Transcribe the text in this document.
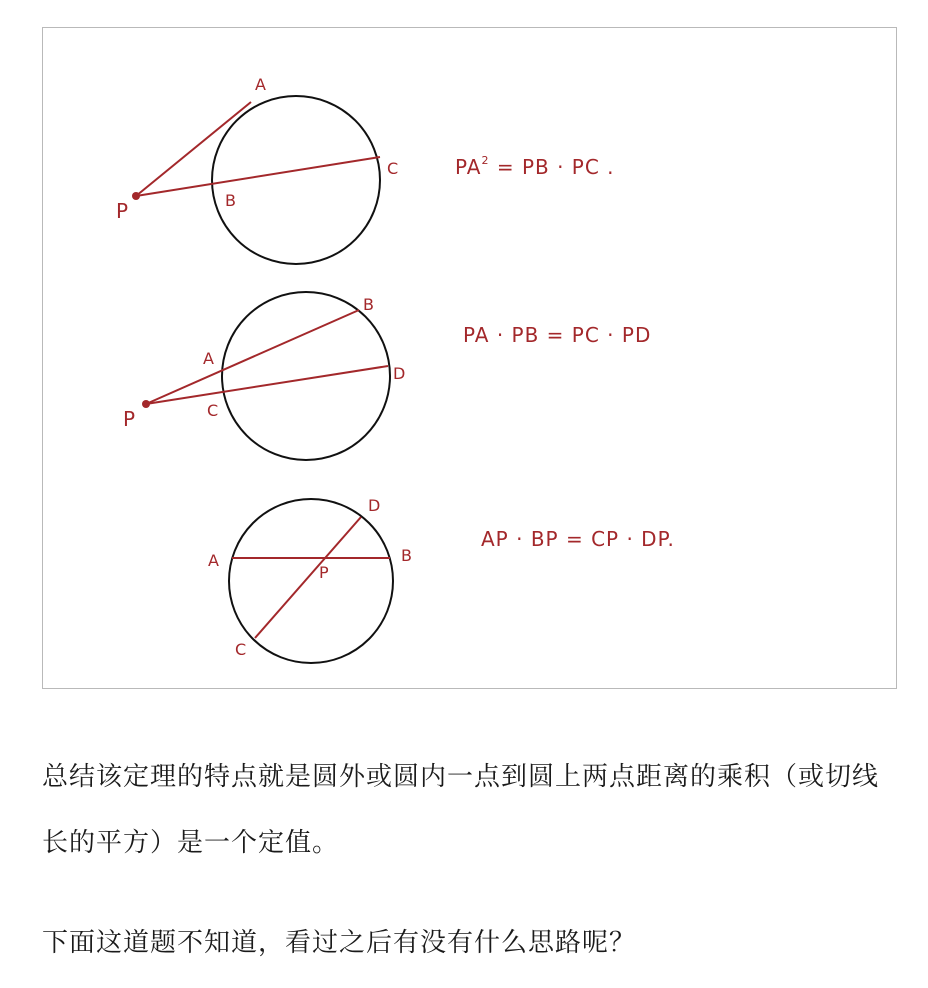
A
B
C
P
$PA^2$ = PB · PC .
A
B
C
D
P
PA · PB = PC · PD
A	B
C
D
P
AP · BP = CP · DP.

总结该定理的特点就是圆外或圆内一点到圆上两点距离的乘积（或切线长的平方）是一个定值。

下面这道题不知道，看过之后有没有什么思路呢？
